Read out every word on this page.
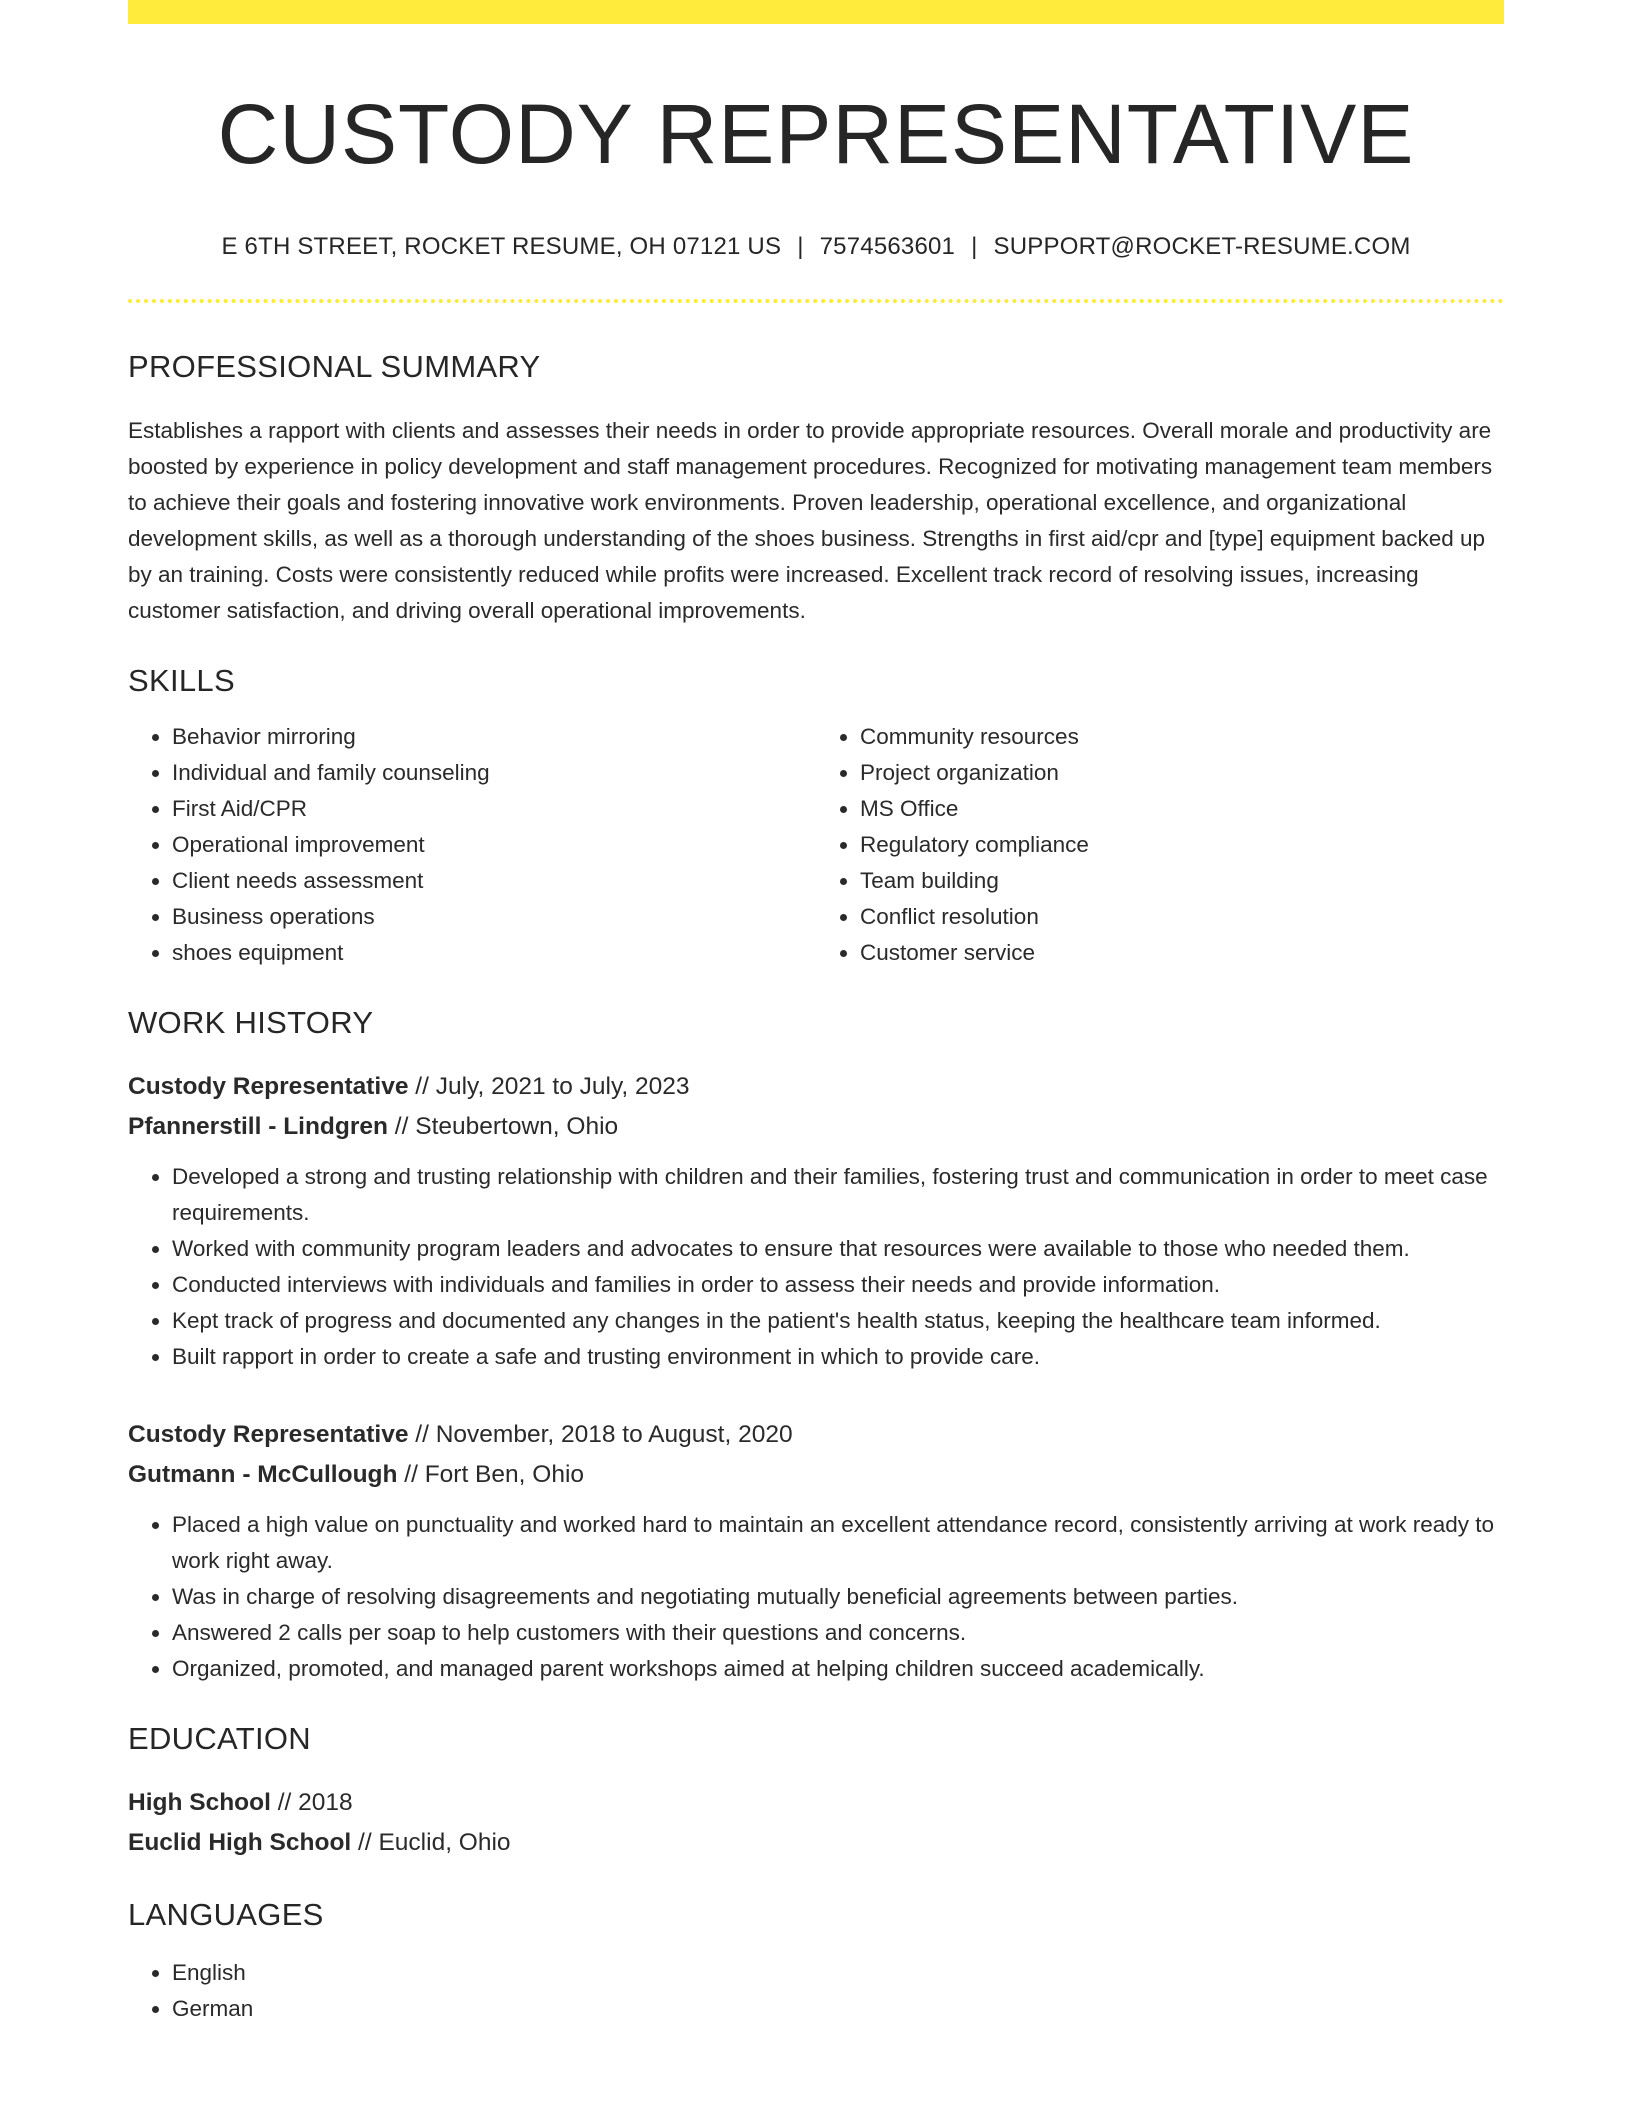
CUSTODY REPRESENTATIVE
E 6TH STREET, ROCKET RESUME, OH 07121 US | 7574563601 | SUPPORT@ROCKET-RESUME.COM
PROFESSIONAL SUMMARY

Establishes a rapport with clients and assesses their needs in order to provide appropriate resources. Overall morale and productivity are boosted by experience in policy development and staff management procedures. Recognized for motivating management team members to achieve their goals and fostering innovative work environments. Proven leadership, operational excellence, and organizational development skills, as well as a thorough understanding of the shoes business. Strengths in first aid/cpr and [type] equipment backed up by an training. Costs were consistently reduced while profits were increased. Excellent track record of resolving issues, increasing customer satisfaction, and driving overall operational improvements.

SKILLS
• Behavior mirroring
• Individual and family counseling
• First Aid/CPR
• Operational improvement
• Client needs assessment
• Business operations
• shoes equipment
• Community resources
• Project organization
• MS Office
• Regulatory compliance
• Team building
• Conflict resolution
• Customer service
WORK HISTORY
Custody Representative // July, 2021 to July, 2023
Pfannerstill - Lindgren // Steubertown, Ohio
• Developed a strong and trusting relationship with children and their families, fostering trust and communication in order to meet case requirements.
• Worked with community program leaders and advocates to ensure that resources were available to those who needed them.
• Conducted interviews with individuals and families in order to assess their needs and provide information.
• Kept track of progress and documented any changes in the patient's health status, keeping the healthcare team informed.
• Built rapport in order to create a safe and trusting environment in which to provide care.
Custody Representative // November, 2018 to August, 2020
Gutmann - McCullough // Fort Ben, Ohio
• Placed a high value on punctuality and worked hard to maintain an excellent attendance record, consistently arriving at work ready to work right away.
• Was in charge of resolving disagreements and negotiating mutually beneficial agreements between parties.
• Answered 2 calls per soap to help customers with their questions and concerns.
• Organized, promoted, and managed parent workshops aimed at helping children succeed academically.
EDUCATION
High School // 2018
Euclid High School // Euclid, Ohio
LANGUAGES
• English
• German
